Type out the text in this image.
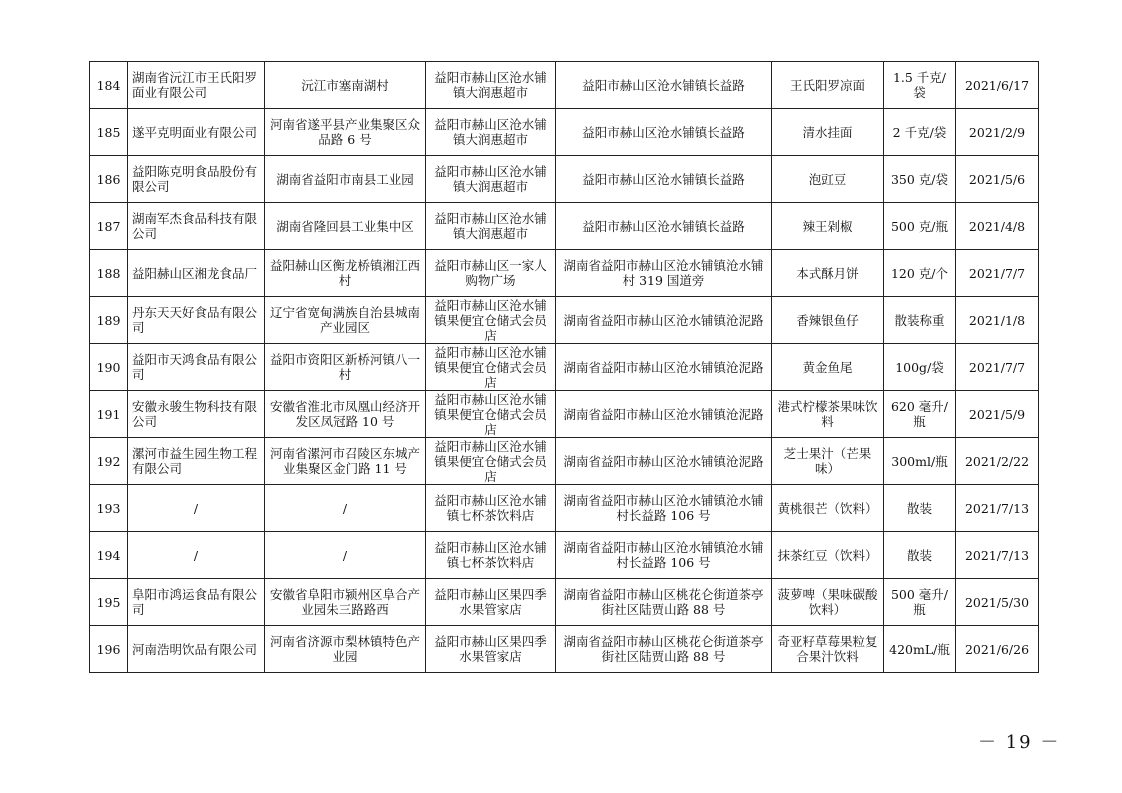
184	湖南省沅江市王氏阳罗面业有限公司	沅江市塞南湖村	益阳市赫山区沧水铺镇大润惠超市	益阳市赫山区沧水铺镇长益路	王氏阳罗凉面	1.5 千克/袋	2021/6/17
185	遂平克明面业有限公司	河南省遂平县产业集聚区众品路 6 号	益阳市赫山区沧水铺镇大润惠超市	益阳市赫山区沧水铺镇长益路	清水挂面	2 千克/袋	2021/2/9
186	益阳陈克明食品股份有限公司	湖南省益阳市南县工业园	益阳市赫山区沧水铺镇大润惠超市	益阳市赫山区沧水铺镇长益路	泡豇豆	350 克/袋	2021/5/6
187	湖南军杰食品科技有限公司	湖南省隆回县工业集中区	益阳市赫山区沧水铺镇大润惠超市	益阳市赫山区沧水铺镇长益路	辣王剁椒	500 克/瓶	2021/4/8
188	益阳赫山区湘龙食品厂	益阳赫山区衡龙桥镇湘江西村	益阳市赫山区一家人购物广场	湖南省益阳市赫山区沧水铺镇沧水铺村 319 国道旁	本式酥月饼	120 克/个	2021/7/7
189	丹东天天好食品有限公司	辽宁省宽甸满族自治县城南产业园区	益阳市赫山区沧水铺镇果便宜仓储式会员店	湖南省益阳市赫山区沧水铺镇沧泥路	香辣银鱼仔	散装称重	2021/1/8
190	益阳市天鸿食品有限公司	益阳市资阳区新桥河镇八一村	益阳市赫山区沧水铺镇果便宜仓储式会员店	湖南省益阳市赫山区沧水铺镇沧泥路	黄金鱼尾	100g/袋	2021/7/7
191	安徽永骏生物科技有限公司	安徽省淮北市凤凰山经济开发区凤冠路 10 号	益阳市赫山区沧水铺镇果便宜仓储式会员店	湖南省益阳市赫山区沧水铺镇沧泥路	港式柠檬茶果味饮料	620 毫升/瓶	2021/5/9
192	漯河市益生园生物工程有限公司	河南省漯河市召陵区东城产业集聚区金门路 11 号	益阳市赫山区沧水铺镇果便宜仓储式会员店	湖南省益阳市赫山区沧水铺镇沧泥路	芝士果汁（芒果味）	300ml/瓶	2021/2/22
193	/	/	益阳市赫山区沧水铺镇七杯茶饮料店	湖南省益阳市赫山区沧水铺镇沧水铺村长益路 106 号	黄桃很芒（饮料）	散装	2021/7/13
194	/	/	益阳市赫山区沧水铺镇七杯茶饮料店	湖南省益阳市赫山区沧水铺镇沧水铺村长益路 106 号	抹茶红豆（饮料）	散装	2021/7/13
195	阜阳市鸿运食品有限公司	安徽省阜阳市颍州区阜合产业园朱三路路西	益阳市赫山区果四季水果管家店	湖南省益阳市赫山区桃花仑街道茶亭街社区陆贾山路 88 号	菠萝啤（果味碳酸饮料）	500 毫升/瓶	2021/5/30
196	河南浩明饮品有限公司	河南省济源市梨林镇特色产业园	益阳市赫山区果四季水果管家店	湖南省益阳市赫山区桃花仑街道茶亭街社区陆贾山路 88 号	奇亚籽草莓果粒复合果汁饮料	420mL/瓶	2021/6/26
－ 19 －
